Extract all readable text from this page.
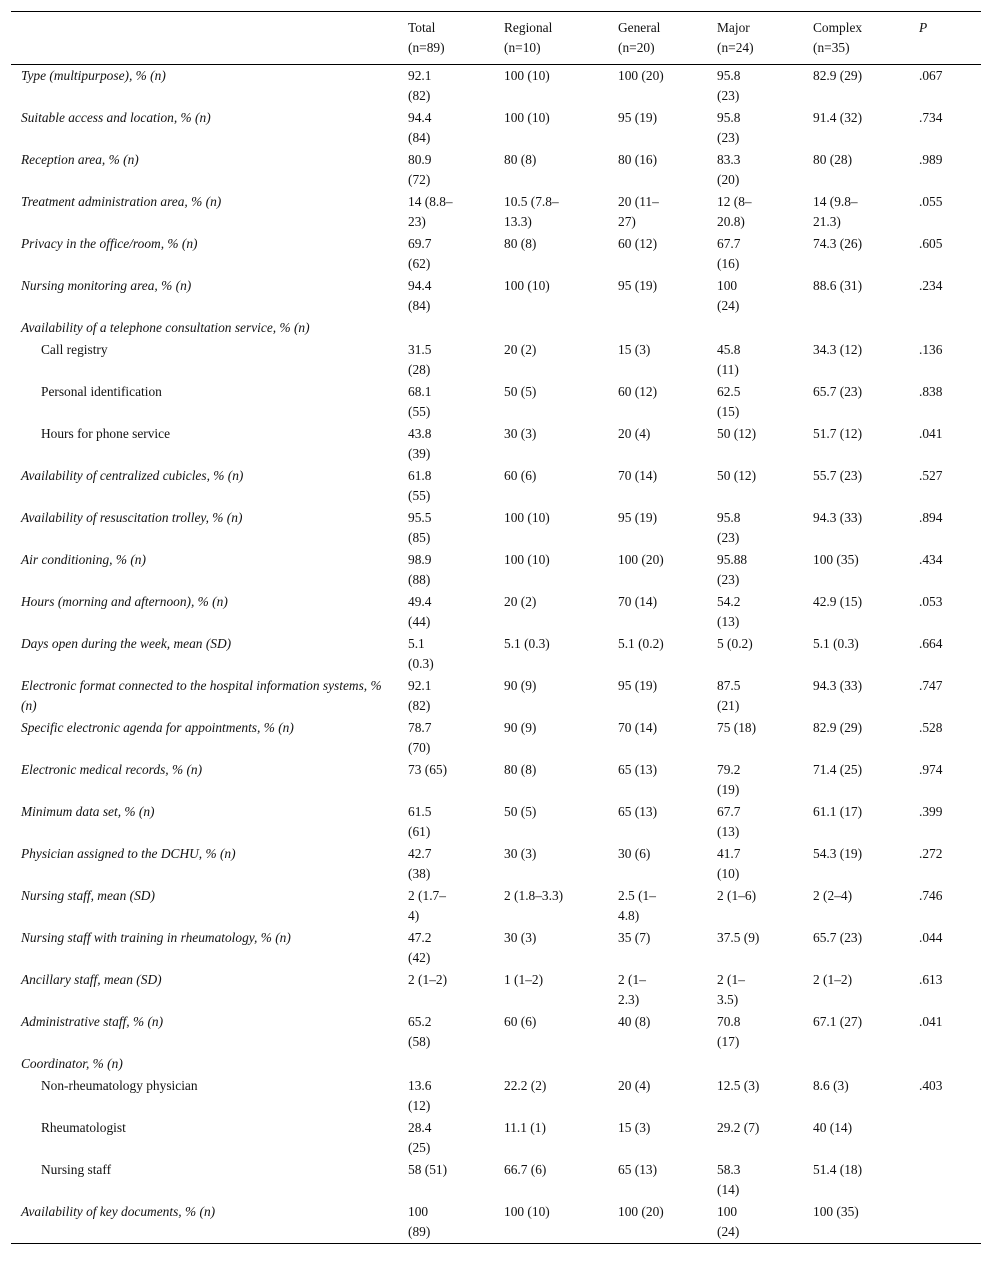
	Total
(n=89)	Regional
(n=10)	General
(n=20)	Major
(n=24)	Complex
(n=35)	P
Type (multipurpose), % (n)	92.1
(82)	100 (10)	100 (20)	95.8
(23)	82.9 (29)	.067
Suitable access and location, % (n)	94.4
(84)	100 (10)	95 (19)	95.8
(23)	91.4 (32)	.734
Reception area, % (n)	80.9
(72)	80 (8)	80 (16)	83.3
(20)	80 (28)	.989
Treatment administration area, % (n)	14 (8.8–
23)	10.5 (7.8–
13.3)	20 (11–
27)	12 (8–
20.8)	14 (9.8–
21.3)	.055
Privacy in the office/room, % (n)	69.7
(62)	80 (8)	60 (12)	67.7
(16)	74.3 (26)	.605
Nursing monitoring area, % (n)	94.4
(84)	100 (10)	95 (19)	100
(24)	88.6 (31)	.234
Availability of a telephone consultation service, % (n)						
Call registry	31.5
(28)	20 (2)	15 (3)	45.8
(11)	34.3 (12)	.136
Personal identification	68.1
(55)	50 (5)	60 (12)	62.5
(15)	65.7 (23)	.838
Hours for phone service	43.8
(39)	30 (3)	20 (4)	50 (12)	51.7 (12)	.041
Availability of centralized cubicles, % (n)	61.8
(55)	60 (6)	70 (14)	50 (12)	55.7 (23)	.527
Availability of resuscitation trolley, % (n)	95.5
(85)	100 (10)	95 (19)	95.8
(23)	94.3 (33)	.894
Air conditioning, % (n)	98.9
(88)	100 (10)	100 (20)	95.88
(23)	100 (35)	.434
Hours (morning and afternoon), % (n)	49.4
(44)	20 (2)	70 (14)	54.2
(13)	42.9 (15)	.053
Days open during the week, mean (SD)	5.1
(0.3)	5.1 (0.3)	5.1 (0.2)	5 (0.2)	5.1 (0.3)	.664
Electronic format connected to the hospital information systems, % (n)	92.1
(82)	90 (9)	95 (19)	87.5
(21)	94.3 (33)	.747
Specific electronic agenda for appointments, % (n)	78.7
(70)	90 (9)	70 (14)	75 (18)	82.9 (29)	.528
Electronic medical records, % (n)	73 (65)	80 (8)	65 (13)	79.2
(19)	71.4 (25)	.974
Minimum data set, % (n)	61.5
(61)	50 (5)	65 (13)	67.7
(13)	61.1 (17)	.399
Physician assigned to the DCHU, % (n)	42.7
(38)	30 (3)	30 (6)	41.7
(10)	54.3 (19)	.272
Nursing staff, mean (SD)	2 (1.7–
4)	2 (1.8–3.3)	2.5 (1–
4.8)	2 (1–6)	2 (2–4)	.746
Nursing staff with training in rheumatology, % (n)	47.2
(42)	30 (3)	35 (7)	37.5 (9)	65.7 (23)	.044
Ancillary staff, mean (SD)	2 (1–2)	1 (1–2)	2 (1–
2.3)	2 (1–
3.5)	2 (1–2)	.613
Administrative staff, % (n)	65.2
(58)	60 (6)	40 (8)	70.8
(17)	67.1 (27)	.041
Coordinator, % (n)						
Non-rheumatology physician	13.6
(12)	22.2 (2)	20 (4)	12.5 (3)	8.6 (3)	.403
Rheumatologist	28.4
(25)	11.1 (1)	15 (3)	29.2 (7)	40 (14)	
Nursing staff	58 (51)	66.7 (6)	65 (13)	58.3
(14)	51.4 (18)	
Availability of key documents, % (n)	100
(89)	100 (10)	100 (20)	100
(24)	100 (35)	
